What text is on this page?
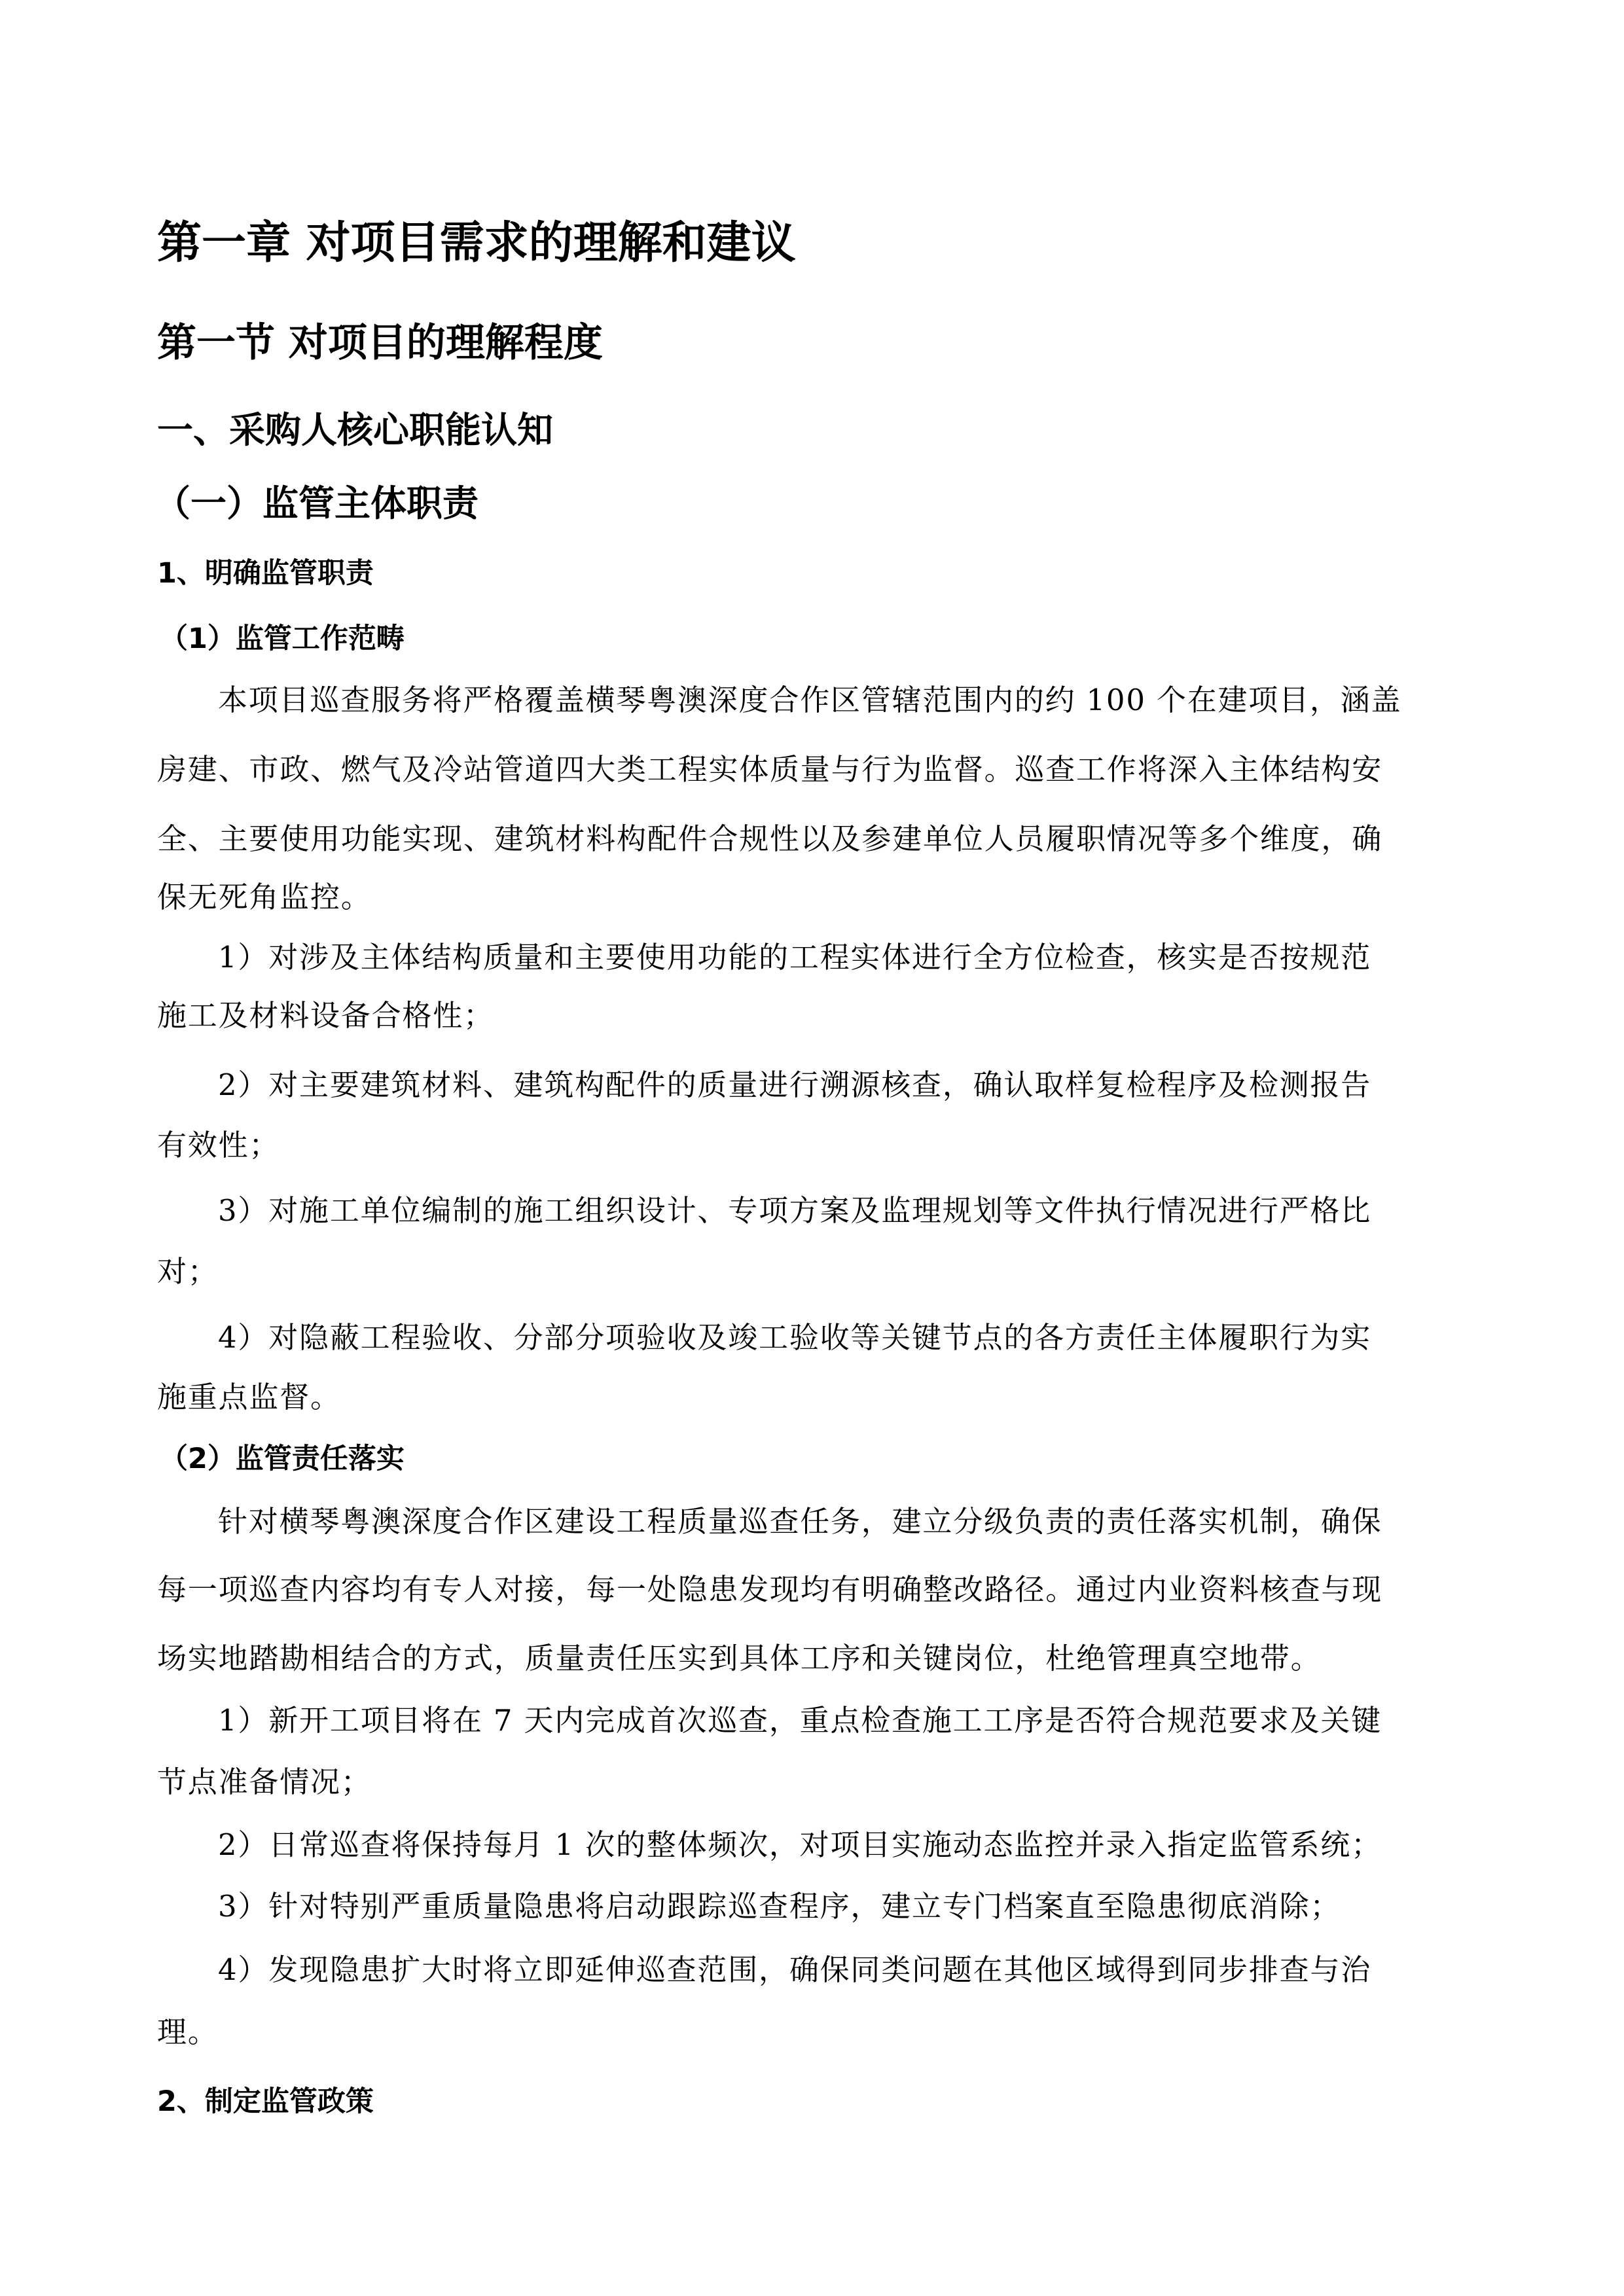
第一章 对项目需求的理解和建议
第一节 对项目的理解程度
一、采购人核心职能认知
（一）监管主体职责
1、明确监管职责
（1）监管工作范畴
本项目巡查服务将严格覆盖横琴粤澳深度合作区管辖范围内的约 100 个在建项目，涵盖
房建、市政、燃气及冷站管道四大类工程实体质量与行为监督。巡查工作将深入主体结构安
全、主要使用功能实现、建筑材料构配件合规性以及参建单位人员履职情况等多个维度，确
保无死角监控。
1）对涉及主体结构质量和主要使用功能的工程实体进行全方位检查，核实是否按规范
施工及材料设备合格性；
2）对主要建筑材料、建筑构配件的质量进行溯源核查，确认取样复检程序及检测报告
有效性；
3）对施工单位编制的施工组织设计、专项方案及监理规划等文件执行情况进行严格比
对；
4）对隐蔽工程验收、分部分项验收及竣工验收等关键节点的各方责任主体履职行为实
施重点监督。
（2）监管责任落实
针对横琴粤澳深度合作区建设工程质量巡查任务，建立分级负责的责任落实机制，确保
每一项巡查内容均有专人对接，每一处隐患发现均有明确整改路径。通过内业资料核查与现
场实地踏勘相结合的方式，质量责任压实到具体工序和关键岗位，杜绝管理真空地带。
1）新开工项目将在 7 天内完成首次巡查，重点检查施工工序是否符合规范要求及关键
节点准备情况；
2）日常巡查将保持每月 1 次的整体频次，对项目实施动态监控并录入指定监管系统；
3）针对特别严重质量隐患将启动跟踪巡查程序，建立专门档案直至隐患彻底消除；
4）发现隐患扩大时将立即延伸巡查范围，确保同类问题在其他区域得到同步排查与治
理。
2、制定监管政策
